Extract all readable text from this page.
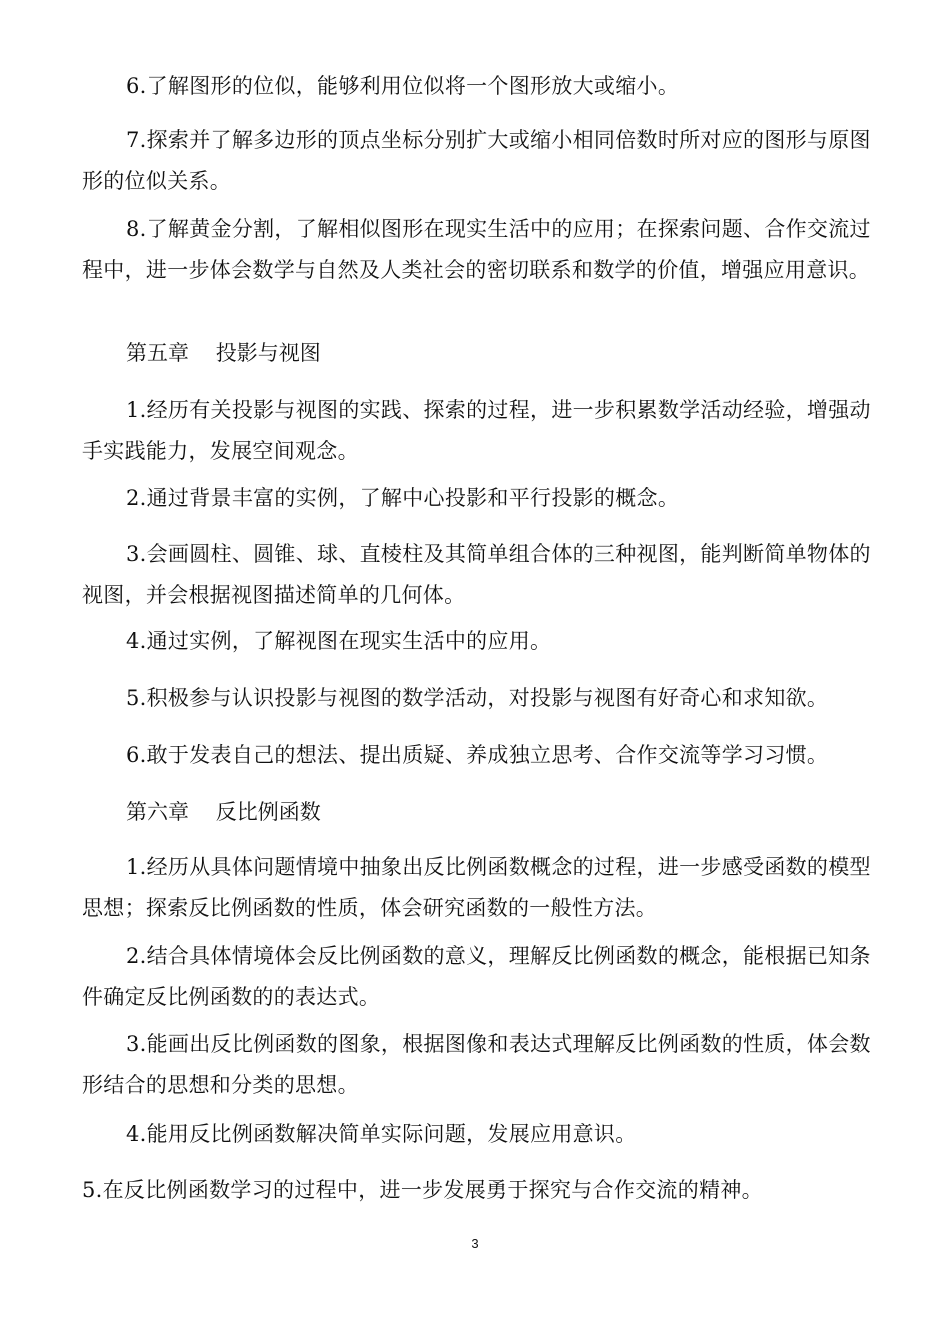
6.了解图形的位似，能够利用位似将一个图形放大或缩小。

7.探索并了解多边形的顶点坐标分别扩大或缩小相同倍数时所对应的图形与原图形的位似关系。

8.了解黄金分割，了解相似图形在现实生活中的应用；在探索问题、合作交流过程中，进一步体会数学与自然及人类社会的密切联系和数学的价值，增强应用意识。

第五章    投影与视图

1.经历有关投影与视图的实践、探索的过程，进一步积累数学活动经验，增强动手实践能力，发展空间观念。

2.通过背景丰富的实例，了解中心投影和平行投影的概念。

3.会画圆柱、圆锥、球、直棱柱及其简单组合体的三种视图，能判断简单物体的视图，并会根据视图描述简单的几何体。

4.通过实例，了解视图在现实生活中的应用。

5.积极参与认识投影与视图的数学活动，对投影与视图有好奇心和求知欲。

6.敢于发表自己的想法、提出质疑、养成独立思考、合作交流等学习习惯。

第六章    反比例函数

1.经历从具体问题情境中抽象出反比例函数概念的过程，进一步感受函数的模型思想；探索反比例函数的性质，体会研究函数的一般性方法。

2.结合具体情境体会反比例函数的意义，理解反比例函数的概念，能根据已知条件确定反比例函数的的表达式。

3.能画出反比例函数的图象，根据图像和表达式理解反比例函数的性质，体会数形结合的思想和分类的思想。

4.能用反比例函数解决简单实际问题，发展应用意识。

5.在反比例函数学习的过程中，进一步发展勇于探究与合作交流的精神。

3
